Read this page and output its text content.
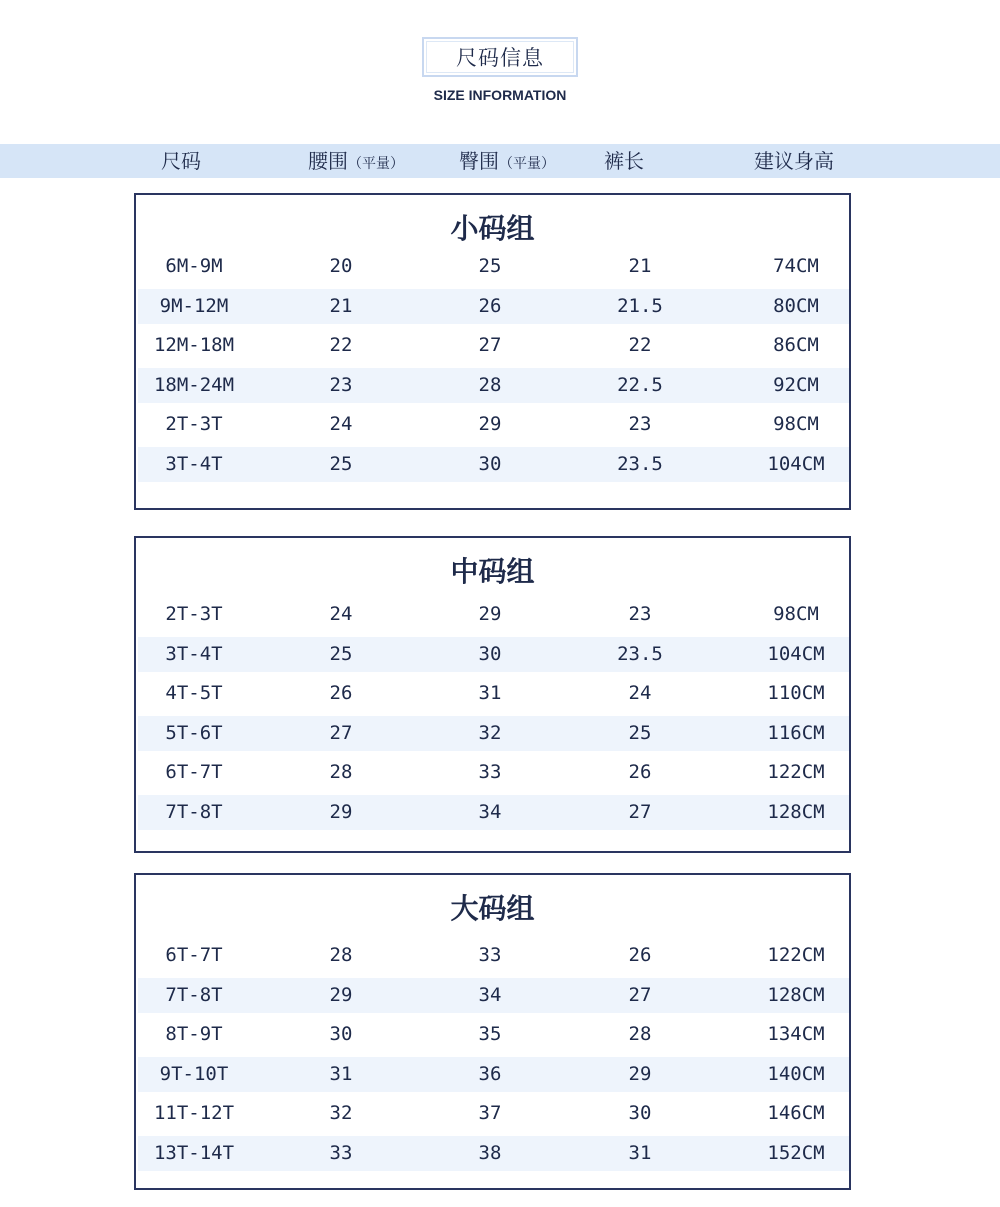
尺码信息
SIZE INFORMATION
尺码	腰围（平量）	臀围（平量） 裤长	建议身高
小码组
6M-9M	20	25	21	74CM
9M-12M	21	26	21.5	80CM
12M-18M	22	27	22	86CM
18M-24M	23	28	22.5	92CM
2T-3T	24	29	23	98CM
3T-4T	25	30	23.5	104CM
中码组
2T-3T	24	29	23	98CM
3T-4T	25	30	23.5	104CM
4T-5T	26	31	24	110CM
5T-6T	27	32	25	116CM
6T-7T	28	33	26	122CM
7T-8T	29	34	27	128CM
大码组
6T-7T	28	33	26	122CM
7T-8T	29	34	27	128CM
8T-9T	30	35	28	134CM
9T-10T	31	36	29	140CM
11T-12T	32	37	30	146CM
13T-14T	33	38	31	152CM
